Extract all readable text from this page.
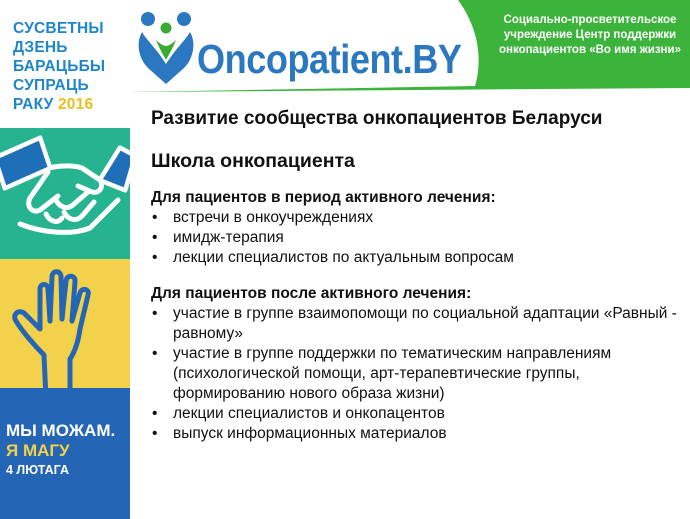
СУСВЕТНЫ
ДЗЕНЬ
БАРАЦЬБЫ
СУПРАЦЬ
РАКУ 2016
МЫ МОЖАМ.
Я МАГУ
4 ЛЮТАГА
Oncopatient.BY
Социально-просветительское учреждение Центр поддержки онкопациентов «Во имя жизни»
Развитие сообщества онкопациентов Беларуси
Школа онкопациента
Для пациентов в период активного лечения:
• встречи в онкоучреждениях
• имидж-терапия
• лекции специалистов по актуальным вопросам
Для пациентов после активного лечения:
• участие в группе взаимопомощи по социальной адаптации «Равный - равному»
• участие в группе поддержки по тематическим направлениям (психологической помощи, арт-терапевтические группы, формированию нового образа жизни)
• лекции специалистов и онкопацентов
• выпуск информационных материалов
